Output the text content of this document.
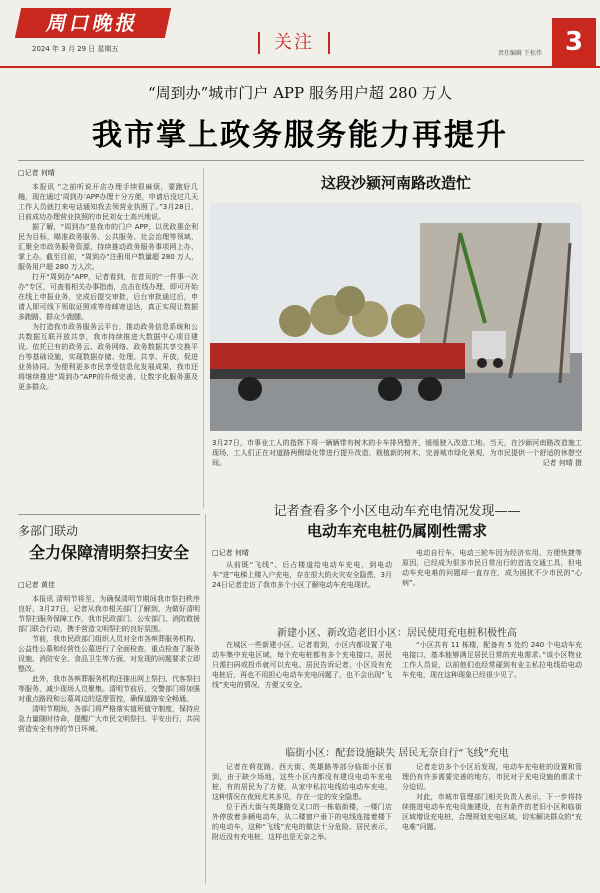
周口晚报
2024 年 3 月 29 日 星期五	关注
责任编辑 王松伟 3
“周到办”城市门户 APP 服务用户超 280 万人
我市掌上政务服务能力再提升
□记者 何晴

本报讯 “之前听说开店办理手续很麻烦，要跑好几趟，现在通过‘周到办’APP办理十分方便，申请后没过几天工作人员就打来电话通知我去领营业执照了。”3月28日，日前成功办理营业执照的市民刘女士高兴地说。

据了解，“周到办”是我市的门户 APP，以优政惠企利民为目标，瞄准政务服务、公共服务、社会治理等领域，汇聚全市政务服务资源，持续推动政务服务事项网上办、掌上办。截至目前，“周到办”注册用户数量超 280 万人，服务用户超 280 万人次。

打开“周到办”APP，记者看到，在首页的“一件事一次办”专区，可查看相关办事指南，点击在线办理，即可开始在线上申报业务，完成后提交审批，后台审批通过后，申请人即可线下领取证照或等待邮寄送达，真正实现让数据多跑路、群众少跑腿。

为打造我市政务服务云平台，推动政务信息系统和公共数据互联开放共享，我市持续推进大数据中心项目建设。依托已有的政务云、政务网络、政务数据共享交换平台等基础设施，实现数据存储、处理、共享、开放，促进业务协同。为便利更多市民享受信息化发展成果，我市还将继续推进“周到办”APP的升级完善，让数字化服务惠及更多群众。

这段沙颍河南路改造忙
3月27日，市事业工人的指挥下将一辆辆带有树木的卡车排列整齐，缓缓驶入改造工地。当天，在沙颍河南路改造施工现场，工人们正在对道路两侧绿化带进行提升改造，栽植新的树木，完善城市绿化景观，为市民提供一个舒适的休憩空间。	记者 何晴 摄
多部门联动
全力保障清明祭扫安全
□记者 黄佳

本报讯 清明节将至，为确保清明节期间我市祭扫秩序良好，3月27日，记者从我市相关部门了解到，为做好清明节祭扫服务保障工作，我市民政部门、公安部门、消防救援部门联合行动，携手营造文明祭扫的良好氛围。

节前，我市民政部门组织人员对全市各殡葬服务机构、公益性公墓和经营性公墓进行了全面检查，重点检查了服务设施、消防安全、食品卫生等方面，对发现的问题要求立即整改。

此外，我市各殡葬服务机构还推出网上祭扫、代客祭扫等服务，减少现场人员聚集。清明节前后，交警部门将加强对重点路段和公墓周边的巡逻管控，确保道路安全畅通。

清明节期间，各部门将严格落实值班值守制度，保持应急力量随时待命，提醒广大市民文明祭扫、平安出行，共同营造安全有序的节日环境。

记者查看多个小区电动车充电情况发现——
电动车充电桩仍属刚性需求
□记者 何晴

从前既“飞线”、后占楼道给电动车充电，到电动车“进”电梯上楼入户充电，存在很大的火灾安全隐患，3月24日记者走访了我市多个小区了解电动车充电现状。

电动自行车、电动三轮车因为经济实用、方便快捷等原因，已经成为很多市民日常出行的首选交通工具，但电动车充电难的问题却一直存在，成为困扰不少市民的“心病”。

新建小区、新改造老旧小区：居民使用充电桩积极性高

在城区一些新建小区，记者看到，小区内都设置了电动车集中充电区域，每个充电桩都有多个充电接口，居民只需扫码或投币就可以充电。居民告诉记者，小区设有充电桩后，再也不用担心电动车充电问题了，也不会出现“飞线”充电的情况，方便又安全。

“小区共有 11 栋楼，配备有 5 处约 240 个电动车充电接口，基本能够满足居民日常的充电需求。”该小区物业工作人员说，以前他们也经常碰到有业主私拉电线给电动车充电，现在这种现象已经很少见了。

临街小区：配套设施缺失 居民无奈自行“飞线”充电

记者在荷花路、西大街、英雄路等部分临街小区看到，由于缺少场地，这些小区内都没有建设电动车充电桩，有的居民为了方便，从家中私拉电线给电动车充电，这种情况在夜间尤其多见，存在一定的安全隐患。

位于西大街与英雄路交叉口的一栋临街楼，一楼门店外停放着多辆电动车，从二楼窗户垂下的电线连接着楼下的电动车，这种“飞线”充电的做法十分危险。居民表示，附近没有充电桩，这样也是无奈之举。

记者走访多个小区后发现，电动车充电桩的设置和管理仍有许多需要完善的地方，市民对于充电设施的需求十分迫切。

对此，市城市管理部门相关负责人表示，下一步将持续推进电动车充电设施建设，在有条件的老旧小区和临街区域增设充电桩，合理规划充电区域，切实解决群众的“充电难”问题。
